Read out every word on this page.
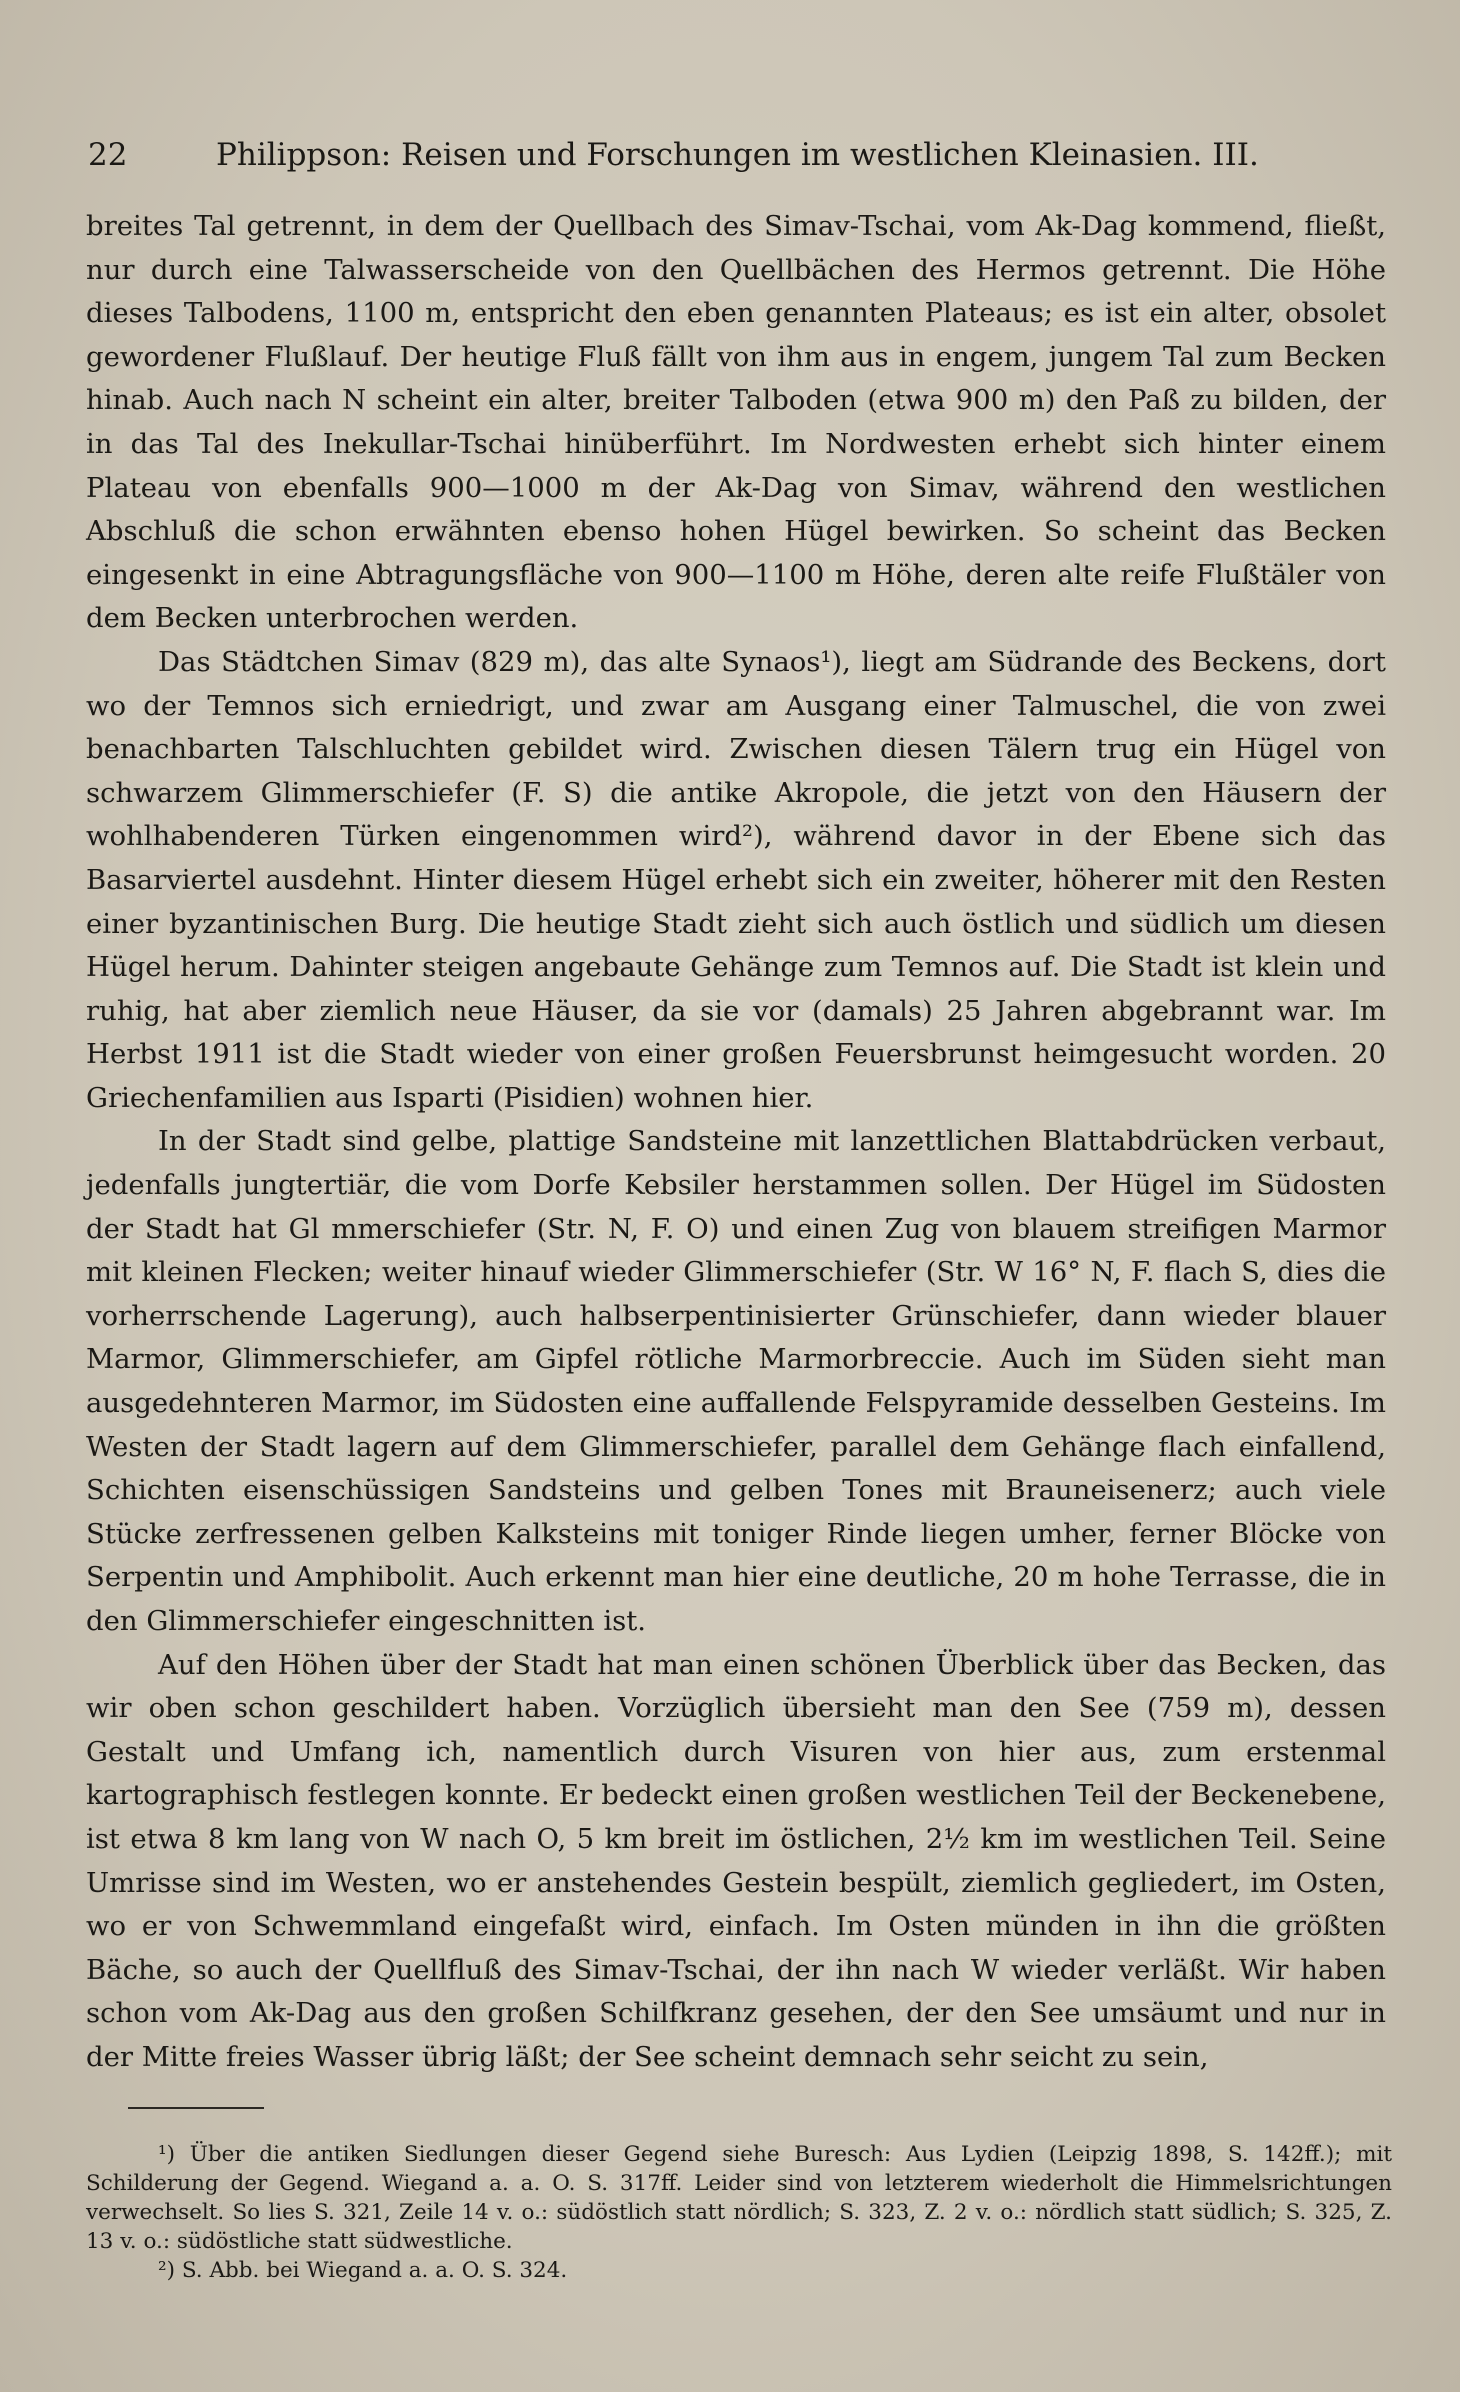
22	Philippson: Reisen und Forschungen im westlichen Kleinasien. III.

breites Tal getrennt, in dem der Quellbach des Simav-Tschai, vom Ak-Dag kommend, fließt, nur durch eine Talwasserscheide von den Quellbächen des Hermos getrennt. Die Höhe dieses Talbodens, 1100 m, entspricht den eben genannten Plateaus; es ist ein alter, obsolet gewordener Flußlauf. Der heutige Fluß fällt von ihm aus in engem, jungem Tal zum Becken hinab. Auch nach N scheint ein alter, breiter Talboden (etwa 900 m) den Paß zu bilden, der in das Tal des Inekullar-Tschai hinüberführt. Im Nordwesten erhebt sich hinter einem Plateau von ebenfalls 900—1000 m der Ak-Dag von Simav, während den westlichen Abschluß die schon erwähnten ebenso hohen Hügel bewirken. So scheint das Becken eingesenkt in eine Abtragungsfläche von 900—1100 m Höhe, deren alte reife Flußtäler von dem Becken unterbrochen werden.

Das Städtchen Simav (829 m), das alte Synaos¹), liegt am Südrande des Beckens, dort wo der Temnos sich erniedrigt, und zwar am Ausgang einer Talmuschel, die von zwei benachbarten Talschluchten gebildet wird. Zwischen diesen Tälern trug ein Hügel von schwarzem Glimmerschiefer (F. S) die antike Akropole, die jetzt von den Häusern der wohlhabenderen Türken eingenommen wird²), während davor in der Ebene sich das Basarviertel ausdehnt. Hinter diesem Hügel erhebt sich ein zweiter, höherer mit den Resten einer byzantinischen Burg. Die heutige Stadt zieht sich auch östlich und südlich um diesen Hügel herum. Dahinter steigen angebaute Gehänge zum Temnos auf. Die Stadt ist klein und ruhig, hat aber ziemlich neue Häuser, da sie vor (damals) 25 Jahren abgebrannt war. Im Herbst 1911 ist die Stadt wieder von einer großen Feuersbrunst heimgesucht worden. 20 Griechenfamilien aus Isparti (Pisidien) wohnen hier.

In der Stadt sind gelbe, plattige Sandsteine mit lanzettlichen Blattabdrücken verbaut, jedenfalls jungtertiär, die vom Dorfe Kebsiler herstammen sollen. Der Hügel im Südosten der Stadt hat Gl mmerschiefer (Str. N, F. O) und einen Zug von blauem streifigen Marmor mit kleinen Flecken; weiter hinauf wieder Glimmerschiefer (Str. W 16° N, F. flach S, dies die vorherrschende Lagerung), auch halbserpentinisierter Grünschiefer, dann wieder blauer Marmor, Glimmerschiefer, am Gipfel rötliche Marmorbreccie. Auch im Süden sieht man ausgedehnteren Marmor, im Südosten eine auffallende Felspyramide desselben Gesteins. Im Westen der Stadt lagern auf dem Glimmerschiefer, parallel dem Gehänge flach einfallend, Schichten eisenschüssigen Sandsteins und gelben Tones mit Brauneisenerz; auch viele Stücke zerfressenen gelben Kalksteins mit toniger Rinde liegen umher, ferner Blöcke von Serpentin und Amphibolit. Auch erkennt man hier eine deutliche, 20 m hohe Terrasse, die in den Glimmerschiefer eingeschnitten ist.

Auf den Höhen über der Stadt hat man einen schönen Überblick über das Becken, das wir oben schon geschildert haben. Vorzüglich übersieht man den See (759 m), dessen Gestalt und Umfang ich, namentlich durch Visuren von hier aus, zum erstenmal kartographisch festlegen konnte. Er bedeckt einen großen westlichen Teil der Beckenebene, ist etwa 8 km lang von W nach O, 5 km breit im östlichen, 2½ km im westlichen Teil. Seine Umrisse sind im Westen, wo er anstehendes Gestein bespült, ziemlich gegliedert, im Osten, wo er von Schwemmland eingefaßt wird, einfach. Im Osten münden in ihn die größten Bäche, so auch der Quellfluß des Simav-Tschai, der ihn nach W wieder verläßt. Wir haben schon vom Ak-Dag aus den großen Schilfkranz gesehen, der den See umsäumt und nur in der Mitte freies Wasser übrig läßt; der See scheint demnach sehr seicht zu sein,

¹) Über die antiken Siedlungen dieser Gegend siehe Buresch: Aus Lydien (Leipzig 1898, S. 142ff.); mit Schilderung der Gegend. Wiegand a. a. O. S. 317ff. Leider sind von letzterem wiederholt die Himmelsrichtungen verwechselt. So lies S. 321, Zeile 14 v. o.: südöstlich statt nördlich; S. 323, Z. 2 v. o.: nördlich statt südlich; S. 325, Z. 13 v. o.: südöstliche statt südwestliche.

²) S. Abb. bei Wiegand a. a. O. S. 324.
